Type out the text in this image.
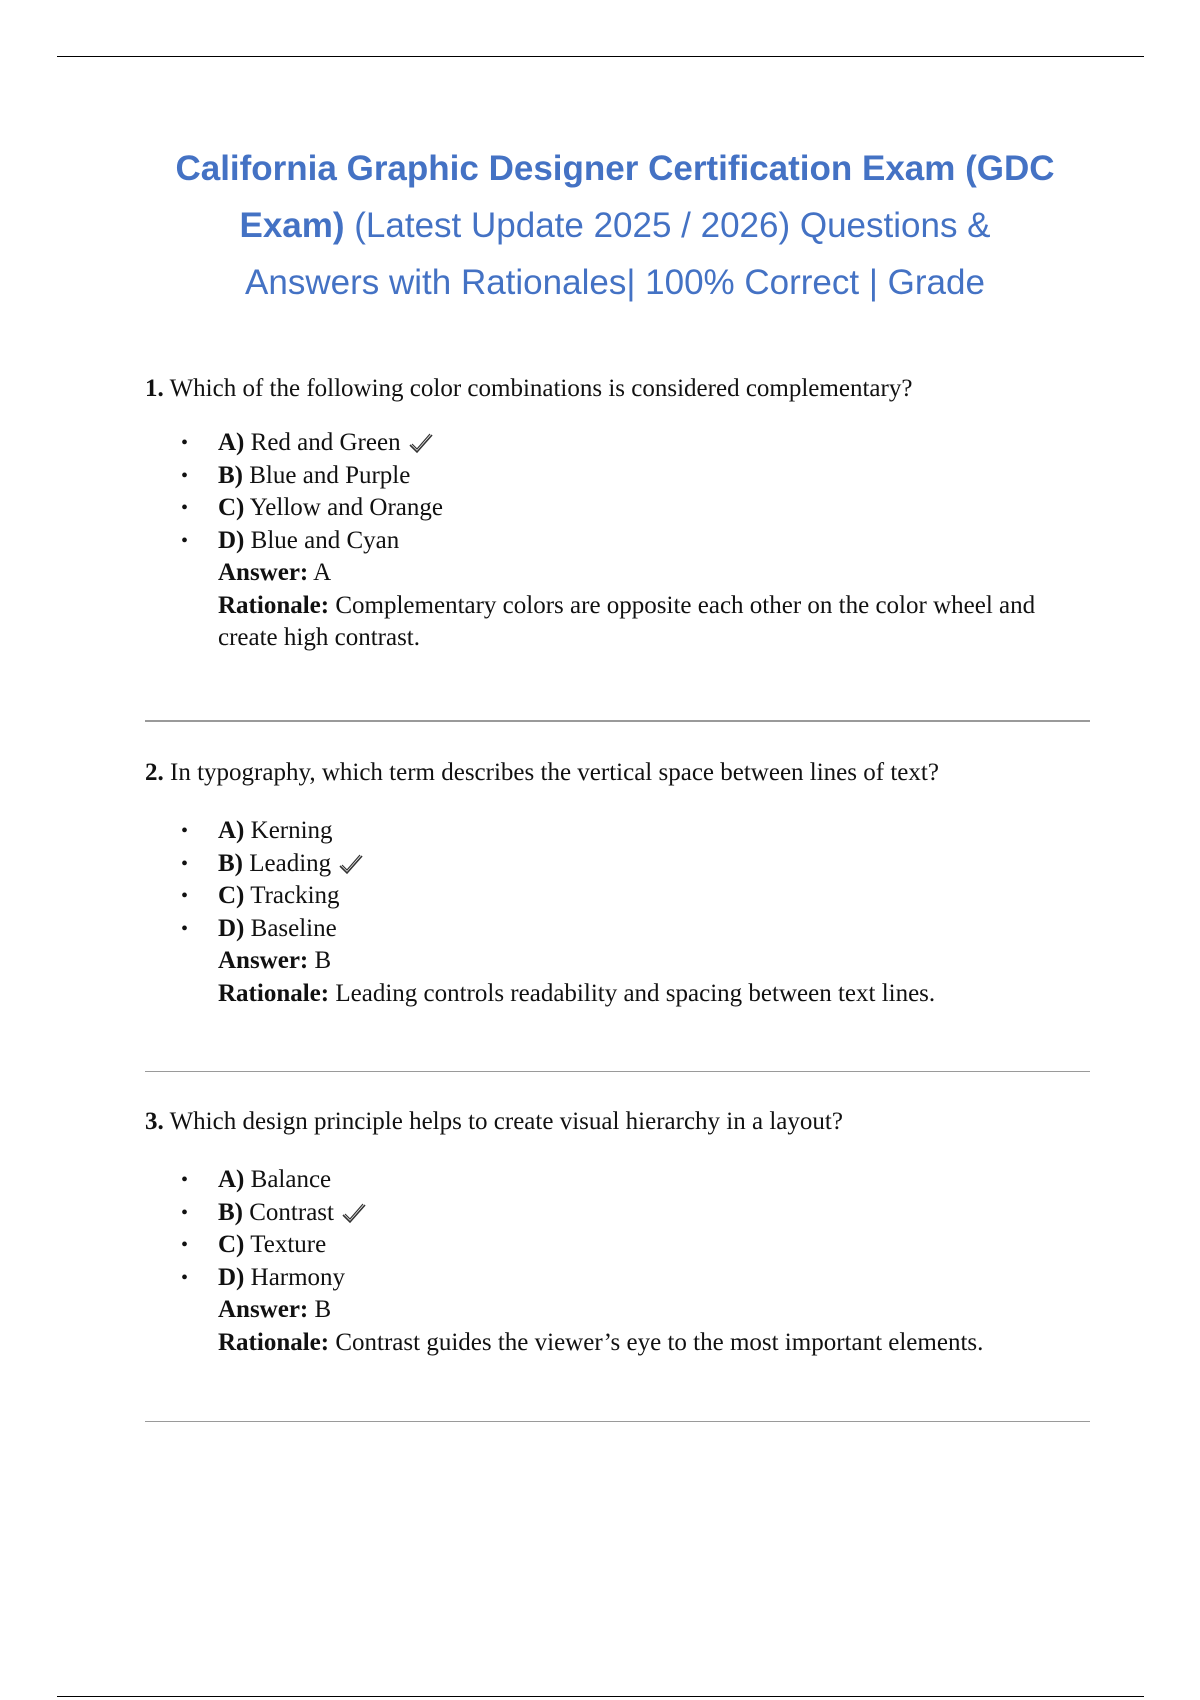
California Graphic Designer Certification Exam (GDC
Exam) (Latest Update 2025 / 2026) Questions &
Answers with Rationales| 100% Correct | Grade

1. Which of the following color combinations is considered complementary?

• A) Red and Green
• B) Blue and Purple
• C) Yellow and Orange
• D) Blue and Cyan
Answer: A
Rationale: Complementary colors are opposite each other on the color wheel and create high contrast.

2. In typography, which term describes the vertical space between lines of text?

• A) Kerning
• B) Leading
• C) Tracking
• D) Baseline
Answer: B
Rationale: Leading controls readability and spacing between text lines.

3. Which design principle helps to create visual hierarchy in a layout?

• A) Balance
• B) Contrast
• C) Texture
• D) Harmony
Answer: B
Rationale: Contrast guides the viewer’s eye to the most important elements.
